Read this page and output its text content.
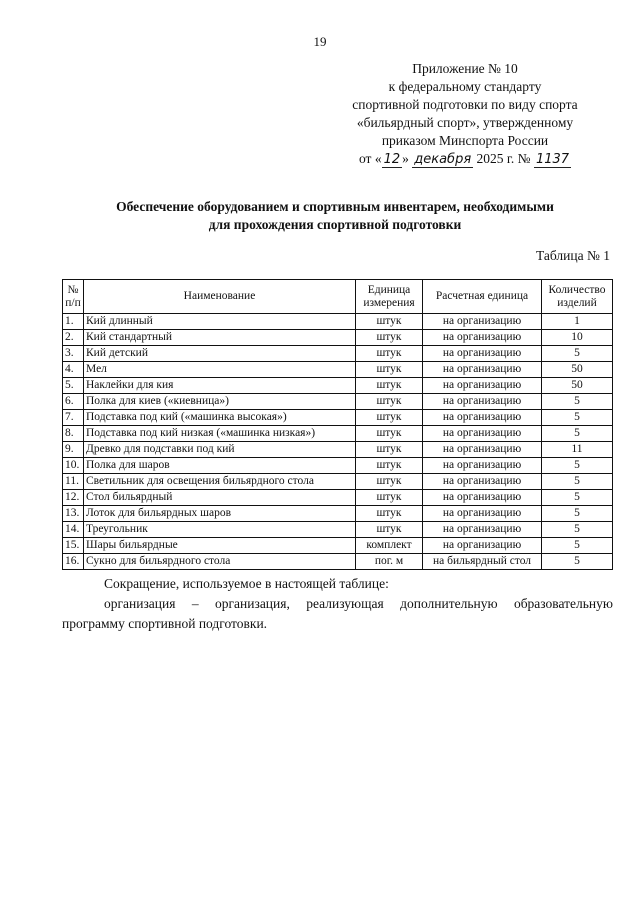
19
Приложение № 10
к федеральному стандарту
спортивной подготовки по виду спорта
«бильярдный спорт», утвержденному
приказом Минспорта России
от « 12 » декабря 2025 г. № 1137
Обеспечение оборудованием и спортивным инвентарем, необходимыми
для прохождения спортивной подготовки
Таблица № 1
№ п/п	Наименование	Единица измерения	Расчетная единица	Количество изделий
1.	Кий длинный	штук	на организацию	1
2.	Кий стандартный	штук	на организацию	10
3.	Кий детский	штук	на организацию	5
4.	Мел	штук	на организацию	50
5.	Наклейки для кия	штук	на организацию	50
6.	Полка для киев («киевница»)	штук	на организацию	5
7.	Подставка под кий («машинка высокая»)	штук	на организацию	5
8.	Подставка под кий низкая («машинка низкая»)	штук	на организацию	5
9.	Древко для подставки под кий	штук	на организацию	11
10.	Полка для шаров	штук	на организацию	5
11.	Светильник для освещения бильярдного стола	штук	на организацию	5
12.	Стол бильярдный	штук	на организацию	5
13.	Лоток для бильярдных шаров	штук	на организацию	5
14.	Треугольник	штук	на организацию	5
15.	Шары бильярдные	комплект	на организацию	5
16.	Сукно для бильярдного стола	пог. м	на бильярдный стол	5
Сокращение, используемое в настоящей таблице:
организация – организация, реализующая дополнительную образовательную программу спортивной подготовки.
